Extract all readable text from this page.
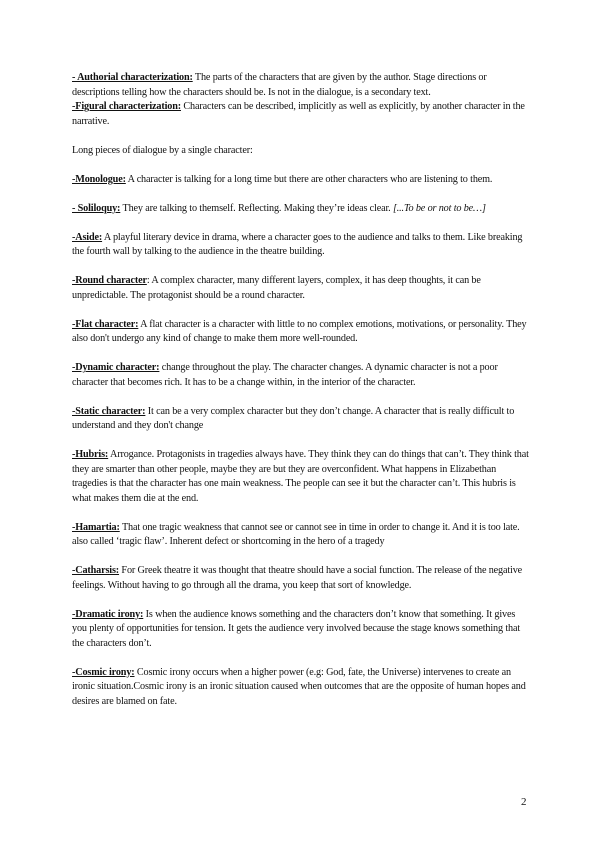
- Authorial characterization: The parts of the characters that are given by the author. Stage directions or descriptions telling how the characters should be. Is not in the dialogue, is a secondary text.

-Figural characterization: Characters can be described, implicitly as well as explicitly, by another character in the narrative.

Long pieces of dialogue by a single character:

-Monologue: A character is talking for a long time but there are other characters who are listening to them.

- Soliloquy: They are talking to themself. Reflecting. Making they’re ideas clear. [...To be or not to be…]

-Aside: A playful literary device in drama, where a character goes to the audience and talks to them. Like breaking the fourth wall by talking to the audience in the theatre building.

-Round character: A complex character, many different layers, complex, it has deep thoughts, it can be unpredictable. The protagonist should be a round character.

-Flat character: A flat character is a character with little to no complex emotions, motivations, or personality. They also don't undergo any kind of change to make them more well-rounded.

-Dynamic character: change throughout the play. The character changes. A dynamic character is not a poor character that becomes rich. It has to be a change within, in the interior of the character.

-Static character: It can be a very complex character but they don’t change. A character that is really difficult to understand and they don't change

-Hubris: Arrogance. Protagonists in tragedies always have. They think they can do things that can’t. They think that they are smarter than other people, maybe they are but they are overconfident. What happens in Elizabethan tragedies is that the character has one main weakness. The people can see it but the character can’t. This hubris is what makes them die at the end.

-Hamartia: That one tragic weakness that cannot see or cannot see in time in order to change it. And it is too late. also called ‘tragic flaw’. Inherent defect or shortcoming in the hero of a tragedy

-Catharsis: For Greek theatre it was thought that theatre should have a social function. The release of the negative feelings. Without having to go through all the drama, you keep that sort of knowledge.

-Dramatic irony: Is when the audience knows something and the characters don’t know that something. It gives you plenty of opportunities for tension. It gets the audience very involved because the stage knows something that the characters don’t.

-Cosmic irony: Cosmic irony occurs when a higher power (e.g: God, fate, the Universe) intervenes to create an ironic situation.Cosmic irony is an ironic situation caused when outcomes that are the opposite of human hopes and desires are blamed on fate.

2
